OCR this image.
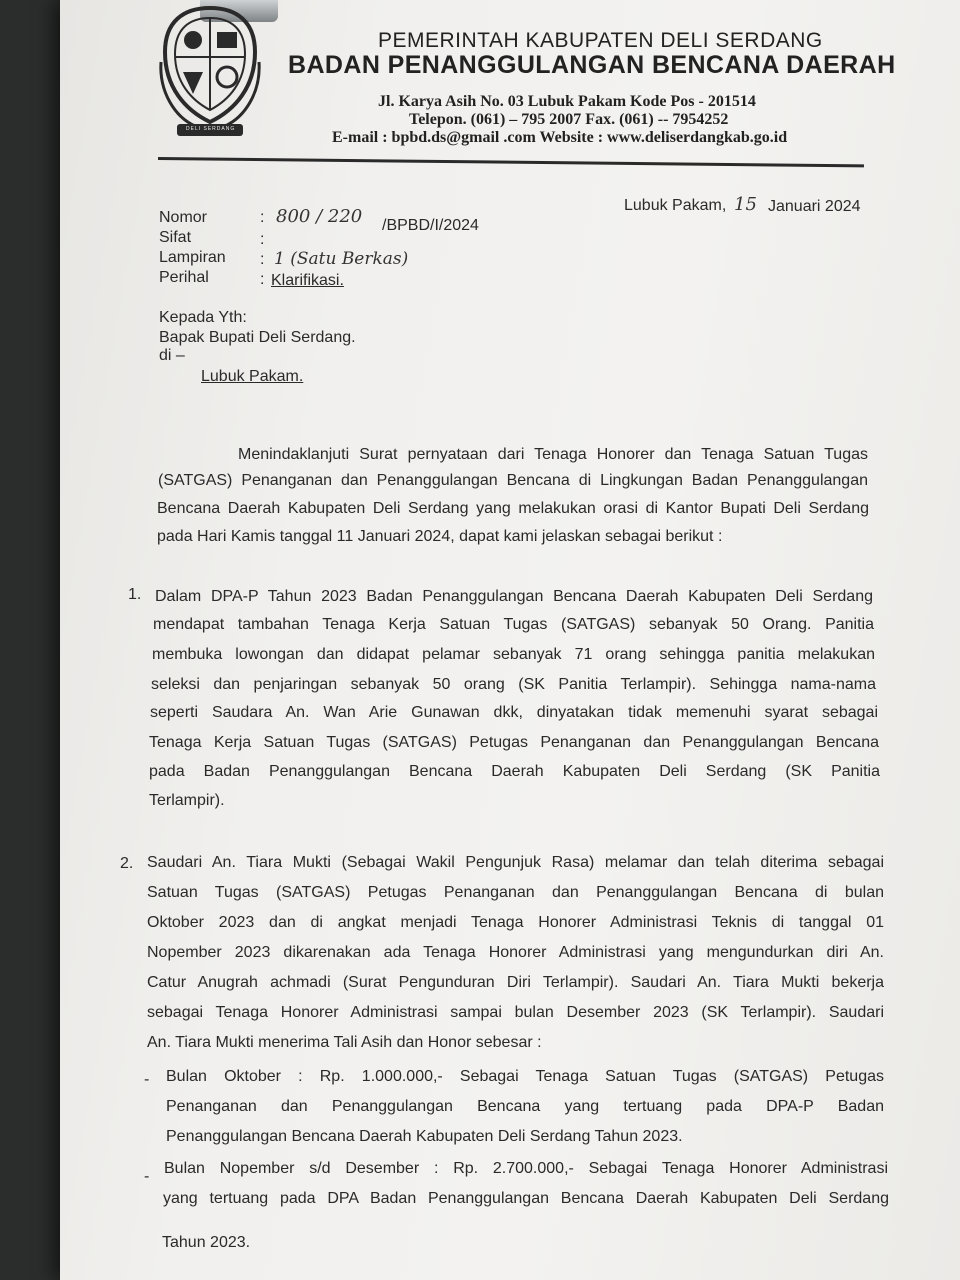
DELI SERDANG
PEMERINTAH KABUPATEN DELI SERDANG
BADAN PENANGGULANGAN BENCANA DAERAH
Jl. Karya Asih No. 03 Lubuk Pakam Kode Pos - 201514
Telepon. (061) – 795 2007 Fax. (061) -- 7954252
E-mail : bpbd.ds@gmail .com Website : www.deliserdangkab.go.id
Lubuk Pakam, 15 Januari 2024
Nomor	: 800 / 220 /BPBD/I/2024
Sifat	:
Lampiran : 1 (Satu Berkas)
Perihal	: Klarifikasi.
Kepada Yth:
Bapak Bupati Deli Serdang.
di –
Lubuk Pakam.
Menindaklanjuti Surat pernyataan dari Tenaga Honorer dan Tenaga Satuan Tugas
(SATGAS) Penanganan dan Penanggulangan Bencana di Lingkungan Badan Penanggulangan
Bencana Daerah Kabupaten Deli Serdang yang melakukan orasi di Kantor Bupati Deli Serdang
pada Hari Kamis tanggal 11 Januari 2024, dapat kami jelaskan sebagai berikut :
1. Dalam DPA-P Tahun 2023 Badan Penanggulangan Bencana Daerah Kabupaten Deli Serdang
mendapat tambahan Tenaga Kerja Satuan Tugas (SATGAS) sebanyak 50 Orang. Panitia
membuka lowongan dan didapat pelamar sebanyak 71 orang sehingga panitia melakukan
seleksi dan penjaringan sebanyak 50 orang (SK Panitia Terlampir). Sehingga nama-nama
seperti Saudara An. Wan Arie Gunawan dkk, dinyatakan tidak memenuhi syarat sebagai
Tenaga Kerja Satuan Tugas (SATGAS) Petugas Penanganan dan Penanggulangan Bencana
pada Badan Penanggulangan Bencana Daerah Kabupaten Deli Serdang (SK Panitia
Terlampir).
2. Saudari An. Tiara Mukti (Sebagai Wakil Pengunjuk Rasa) melamar dan telah diterima sebagai
Satuan Tugas (SATGAS) Petugas Penanganan dan Penanggulangan Bencana di bulan
Oktober 2023 dan di angkat menjadi Tenaga Honorer Administrasi Teknis di tanggal 01
Nopember 2023 dikarenakan ada Tenaga Honorer Administrasi yang mengundurkan diri An.
Catur Anugrah achmadi (Surat Pengunduran Diri Terlampir). Saudari An. Tiara Mukti bekerja
sebagai Tenaga Honorer Administrasi sampai bulan Desember 2023 (SK Terlampir). Saudari
An. Tiara Mukti menerima Tali Asih dan Honor sebesar :
- Bulan Oktober : Rp. 1.000.000,- Sebagai Tenaga Satuan Tugas (SATGAS) Petugas
Penanganan dan Penanggulangan Bencana yang tertuang pada DPA-P Badan
Penanggulangan Bencana Daerah Kabupaten Deli Serdang Tahun 2023.
- Bulan Nopember s/d Desember : Rp. 2.700.000,- Sebagai Tenaga Honorer Administrasi
yang tertuang pada DPA Badan Penanggulangan Bencana Daerah Kabupaten Deli Serdang
Tahun 2023.
